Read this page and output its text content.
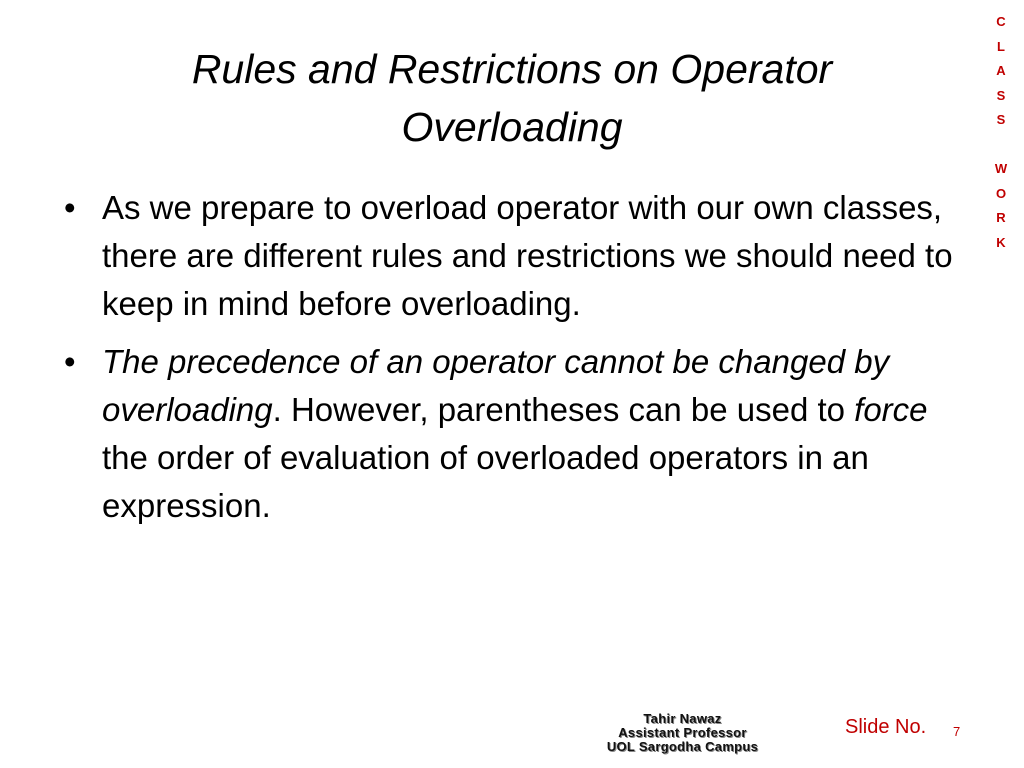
Rules and Restrictions on Operator
Overloading
C
L
A
S
S

W
O
R
K
• As we prepare to overload operator with our own classes, there are different rules and restrictions we should need to keep in mind before overloading.
• The precedence of an operator cannot be changed by overloading. However, parentheses can be used to force the order of evaluation of overloaded operators in an expression.
Tahir Nawaz
Assistant Professor
UOL Sargodha Campus
Slide No. 7
